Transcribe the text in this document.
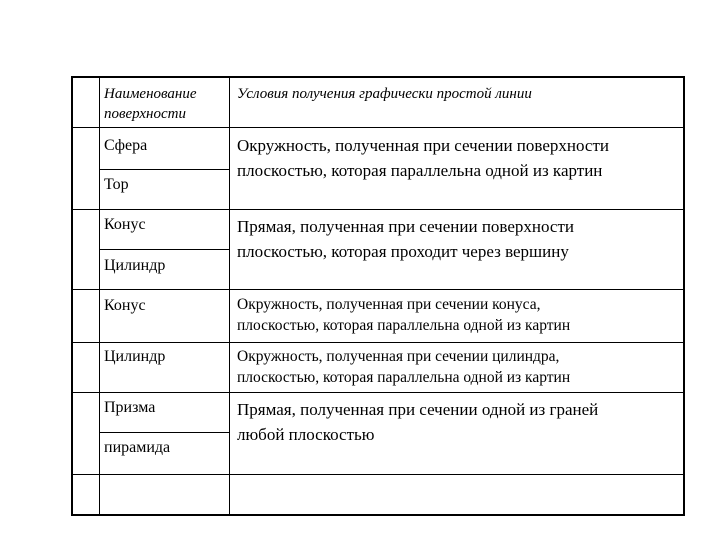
Наименование
поверхности
Условия получения графически простой линии
Сфера
Тор
Окружность, полученная при сечении поверхности
плоскостью, которая параллельна одной из картин
Конус
Цилиндр
Прямая, полученная при сечении поверхности
плоскостью, которая проходит через вершину
Конус	Окружность, полученная при сечении конуса,
плоскостью, которая параллельна одной из картин
Цилиндр	Окружность, полученная при сечении цилиндра,
плоскостью, которая параллельна одной из картин
Призма
пирамида
Прямая, полученная при сечении одной из граней
любой плоскостью
